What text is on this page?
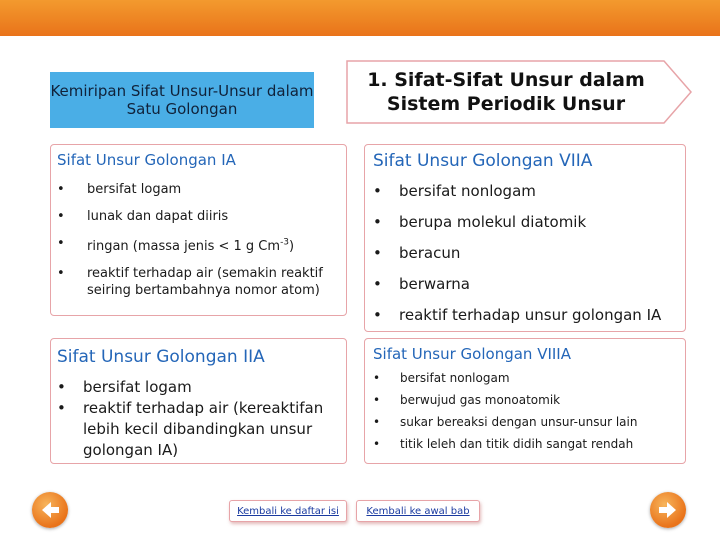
Kemiripan Sifat Unsur-Unsur dalam Satu Golongan
1. Sifat-Sifat Unsur dalam Sistem Periodik Unsur
Sifat Unsur Golongan IA
• bersifat logam
• lunak dan dapat diiris
• ringan (massa jenis < 1 g $Cm^{-3}$)
• reaktif terhadap air (semakin reaktif seiring bertambahnya nomor atom)
Sifat Unsur Golongan VIIA
• bersifat nonlogam
• berupa molekul diatomik
• beracun
• berwarna
• reaktif terhadap unsur golongan IA
Sifat Unsur Golongan IIA
• bersifat logam
• reaktif terhadap air (kereaktifan lebih kecil dibandingkan unsur golongan IA)
Sifat Unsur Golongan VIIIA
• bersifat nonlogam
• berwujud gas monoatomik
• sukar bereaksi dengan unsur-unsur lain
• titik leleh dan titik didih sangat rendah
Kembali ke daftar isi	Kembali ke awal bab
